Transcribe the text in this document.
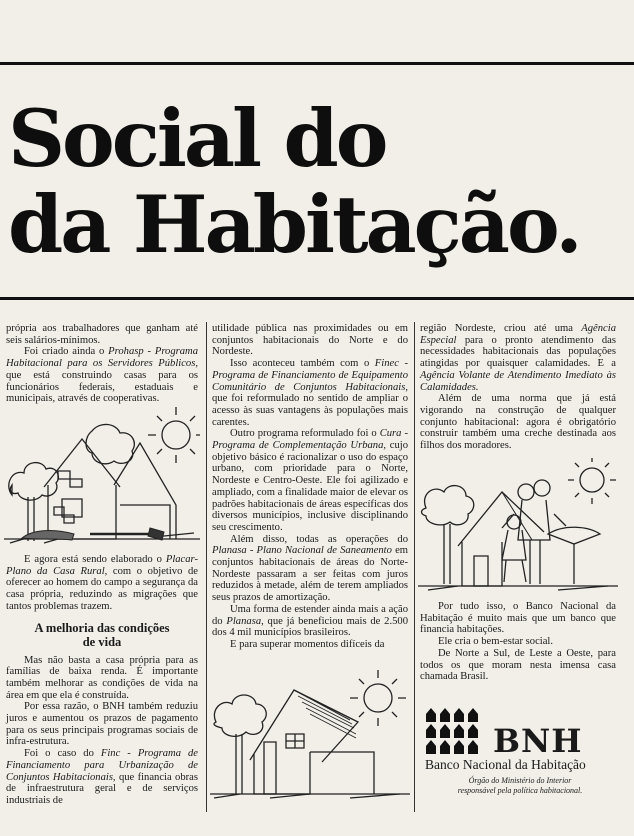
Social do
da Habitação.

própria aos trabalhadores que ganham até seis salários-mínimos.

Foi criado ainda o Prohasp - Programa Habitacional para os Servidores Públicos, que está construindo casas para os funcionários federais, estaduais e municipais, através de cooperativas.

E agora está sendo elaborado o Placar- Plano da Casa Rural, com o objetivo de oferecer ao homem do campo a segurança da casa própria, reduzindo as migrações que tantos problemas trazem.

A melhoria das condições
de vida

Mas não basta a casa própria para as famílias de baixa renda. É importante também melhorar as condições de vida na área em que ela é construída.

Por essa razão, o BNH também reduziu juros e aumentou os prazos de pagamento para os seus principais programas sociais de infra-estrutura.

Foi o caso do Finc - Programa de Financiamento para Urbanização de Conjuntos Habitacionais, que financia obras de infraestrutura geral e de serviços industriais de

utilidade pública nas proximidades ou em conjuntos habitacionais do Norte e do Nordeste.

Isso aconteceu também com o Finec - Programa de Financiamento de Equipamento Comunitário de Conjuntos Habitacionais, que foi reformulado no sentido de ampliar o acesso às suas vantagens às populações mais carentes.

Outro programa reformulado foi o Cura - Programa de Complementação Urbana, cujo objetivo básico é racionalizar o uso do espaço urbano, com prioridade para o Norte, Nordeste e Centro-Oeste. Ele foi agilizado e ampliado, com a finalidade maior de elevar os padrões habitacionais de áreas específicas dos diversos municípios, inclusive disciplinando seu crescimento.

Além disso, todas as operações do Planasa - Plano Nacional de Saneamento em conjuntos habitacionais de áreas do Norte-Nordeste passaram a ser feitas com juros reduzidos à metade, além de terem ampliados seus prazos de amortização.

Uma forma de estender ainda mais a ação do Planasa, que já beneficiou mais de 2.500 dos 4 mil municípios brasileiros.

E para superar momentos difíceis da

região Nordeste, criou até uma Agência Especial para o pronto atendimento das necessidades habitacionais das populações atingidas por quaisquer calamidades. E a Agência Volante de Atendimento Imediato às Calamidades.

Além de uma norma que já está vigorando na construção de qualquer conjunto habitacional: agora é obrigatório construir também uma creche destinada aos filhos dos moradores.

Por tudo isso, o Banco Nacional da Habitação é muito mais que um banco que financia habitações.

Ele cria o bem-estar social.

De Norte a Sul, de Leste a Oeste, para todos os que moram nesta imensa casa chamada Brasil.

BNH
Banco Nacional da Habitação
Órgão do Ministério do Interior
responsável pela política habitacional.
